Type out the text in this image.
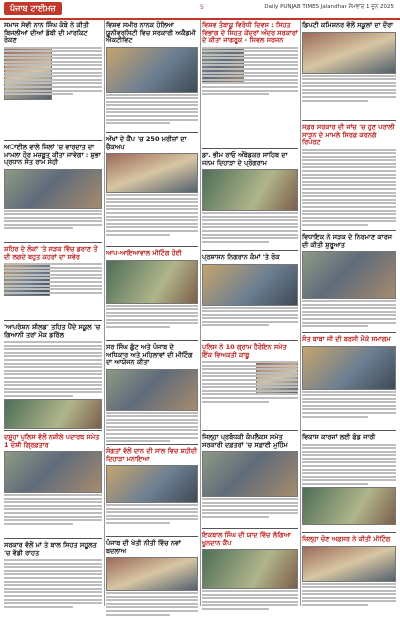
ਪੰਜਾਬ ਟਾਈਮਜ਼	5	Daily PUNJAB TIMES Jalandhar ਸੋਮਵਾਰ 1 ਜੂਨ 2025
ਸਮਾਜ ਸੇਵੀ ਨਾਨ ਸਿੰਘ ਕੰਬੋ ਨੇ ਕੀਤੀ ਬਿਜਲੀਆਂ ਦੀਆਂ ਡੱਬੀ ਦੀ ਮਾਰਕਿਟ ਰੋਕਣ
ਅਾਈਲ ਵਾਲੇ ਜਿਲਾਂ 'ਚ ਵਾਰਦਾਤ ਦਾ ਮਾਮਲਾ ਹੋਰ ਮਜ਼ਬੂਤ ਕੀਤਾ ਜਾਵੇਗਾ : ਸ਼ੁਭਾ ਪ੍ਰਧਾਨ ਸੰਤ ਰਾਮ ਸੋਹੀ
ਸ਼ਹਿਰ ਦੇ ਲੋਕਾਂ 'ਤੇ ਸੜਕ ਵਿੱਚ ਡਰਾਣ ਤੋਂ ਦੀ ਲਗਦੇ ਬਹੁਤ ਕਹਰਾਂ ਦਾ ਸਵੇਰ
'ਆਪਰੇਸ਼ਨ ਸ਼ੀਲਡ' ਤਹਿਤ ਪੈਂਦੇ ਸਕੂਲ 'ਚ ਗਿਆਨੀ ਤਰਾਂ ਮੌਕ ਡਰਿੱਲ
ਦਸੂਹਾ ਪੁਲਿਸ ਵੱਲੋਂ ਨਸ਼ੀਲੇ ਪਦਾਰਥ ਸਮੇਤ 1 ਦੋਸ਼ੀ ਗ੍ਰਿਫ਼ਤਾਰ
ਸਰਕਾਰ ਵੱਲੋਂ ਮਾਂ ਤੇ ਬਾਲ ਸਿਹਤ ਸਹੂਲਤ 'ਚ ਵੱਡੀ ਰਾਹਤ
ਵਿਸ਼ਵ ਸਮੀਰ ਨਾਨਕ ਹੋਲਿਆ ਯੂਨੀਵਰਸਿਟੀ ਵਿਚ ਸਰਕਾਰੀ ਅਕੈਡਮੀ ਐਕਟੀਵਿਟ
ਅੱਖਾਂ ਦੇ ਕੈਂਪ 'ਚ 250 ਮਰੀਜ਼ਾਂ ਦਾ ਚੈਕਅਪ
ਆਪ-ਆਇਆਵਾਲ ਮੀਟਿੰਗ ਹੋਈ
ਸਰ ਸਿੰਘ ਛੁੱਟ ਅਤੇ ਪੰਜਾਬ ਦੇ ਅਧਿਕਾਰ ਅਤੇ ਮਹਿਲਾਵਾਂ ਦੀ ਮੀਟਿੰਗ ਦਾ ਆਯੋਜਨ ਕੀਤਾ
ਸੰਗਤਾਂ ਵੱਲੋਂ ਦਾਨ ਦੀ ਸਾਲ ਵਿਚ ਸ਼ਹੀਦੀ ਦਿਹਾੜਾ ਮਨਾਇਆ
ਪੰਜਾਬ ਦੀ ਖੇਤੀ ਨੀਤੀ ਵਿੱਚ ਨਵਾਂ ਬਦਲਾਅ
ਵਿਸ਼ਵ ਤੰਬਾਕੂ ਵਿਰੋਧੀ ਦਿਵਸ : ਸਿਹਤ ਵਿਭਾਗ ਦੇ ਸਿਹਤ ਕੇਂਦਰਾਂ ਅੰਦਰ ਸਰਕਾਰਾਂ ਦੇ ਕੀਤਾ ਜਾਗਰੂਕ - ਸਿਵਲ ਸਰਜਨ
ਡਾ. ਭੀਮ ਰਾਓ ਅੰਬੇਡਕਰ ਸਾਹਿਬ ਦਾ ਜਨਮ ਦਿਹਾੜਾ ਦੇ ਪ੍ਰੋਗਰਾਮ
ਪ੍ਰਸ਼ਾਸਨ ਨਿਗਰਾਨ ਕੰਮਾਂ 'ਤੇ ਰੋਕ
ਪੁਲਿਸ ਨੇ 10 ਗ੍ਰਾਮ ਹੈਰੋਇਨ ਸਮੇਤ ਇੱਕ ਵਿਅਕਤੀ ਕਾਬੂ
ਜਿਲ੍ਹਾ ਪ੍ਰਬੰਧਕੀ ਕੰਪਲੈਕਸ ਸਮੇਤ ਸਰਕਾਰੀ ਦਫ਼ਤਰਾਂ 'ਚ ਸਫ਼ਾਈ ਮੁਹਿੰਮ
ਇਕਬਾਲ ਸਿੰਘ ਦੀ ਯਾਦ ਵਿੱਚ ਲੱਗਿਆ ਖੂਨਦਾਨ ਕੈਂਪ
ਡਿਪਟੀ ਕਮਿਸ਼ਨਰ ਵੱਲੋਂ ਸਕੂਲਾਂ ਦਾ ਦੌਰਾ
ਸਫ਼ਰ ਸਰਕਾਰ ਦੀ ਜਾਂਚ 'ਚ ਹੁਣ ਪਰਾਲੀ ਸਾੜਨ ਦੇ ਮਾਮਲੇ ਸਿਰਫ਼ ਕਰਨਗੇ ਰਿਪੋਰਟ
ਵਿਧਾਇਕ ਨੇ ਸੜਕ ਦੇ ਨਿਰਮਾਣ ਕਾਰਜ ਦੀ ਕੀਤੀ ਸ਼ੁਰੂਆਤ
ਸੰਤ ਬਾਬਾ ਜੀ ਦੀ ਬਰਸੀ ਮੌਕੇ ਸਮਾਗਮ
ਵਿਕਾਸ ਕਾਰਜਾਂ ਲਈ ਫੰਡ ਜਾਰੀ
ਜ਼ਿਲ੍ਹਾ ਚੋਣ ਅਫ਼ਸਰ ਨੇ ਕੀਤੀ ਮੀਟਿੰਗ
